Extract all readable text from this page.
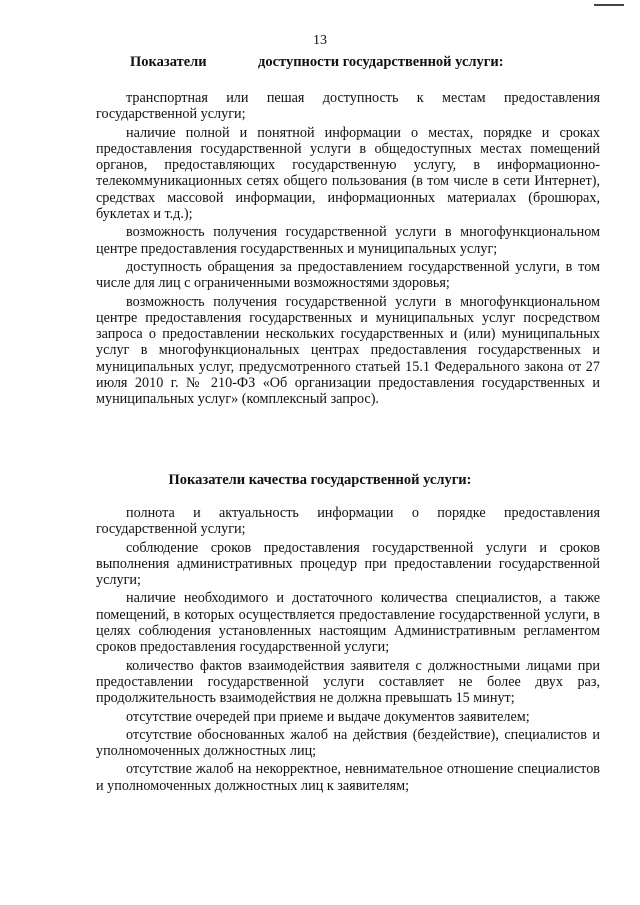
13
Показатели	доступности государственной услуги:

транспортная или пешая доступность к местам предоставления государственной услуги;

наличие полной и понятной информации о местах, порядке и сроках предоставления государственной услуги в общедоступных местах помещений органов, предоставляющих государственную услугу, в информационно-телекоммуникационных сетях общего пользования (в том числе в сети Интернет), средствах массовой информации, информационных материалах (брошюрах, буклетах и т.д.);

возможность получения государственной услуги в многофункциональном центре предоставления государственных и муниципальных услуг;

доступность обращения за предоставлением государственной услуги, в том числе для лиц с ограниченными возможностями здоровья;

возможность получения государственной услуги в многофункциональном центре предоставления государственных и муниципальных услуг посредством запроса о предоставлении нескольких государственных и (или) муниципальных услуг в многофункциональных центрах предоставления государственных и муниципальных услуг, предусмотренного статьей 15.1 Федерального закона от 27 июля 2010 г. № 210-ФЗ «Об организации предоставления государственных и муниципальных услуг» (комплексный запрос).

Показатели качества государственной услуги:

полнота и актуальность информации о порядке предоставления государственной услуги;

соблюдение сроков предоставления государственной услуги и сроков выполнения административных процедур при предоставлении государственной услуги;

наличие необходимого и достаточного количества специалистов, а также помещений, в которых осуществляется предоставление государственной услуги, в целях соблюдения установленных настоящим Административным регламентом сроков предоставления государственной услуги;

количество фактов взаимодействия заявителя с должностными лицами при предоставлении государственной услуги составляет не более двух раз, продолжительность взаимодействия не должна превышать 15 минут;

отсутствие очередей при приеме и выдаче документов заявителем;

отсутствие обоснованных жалоб на действия (бездействие), специалистов и уполномоченных должностных лиц;

отсутствие жалоб на некорректное, невнимательное отношение специалистов и уполномоченных должностных лиц к заявителям;
